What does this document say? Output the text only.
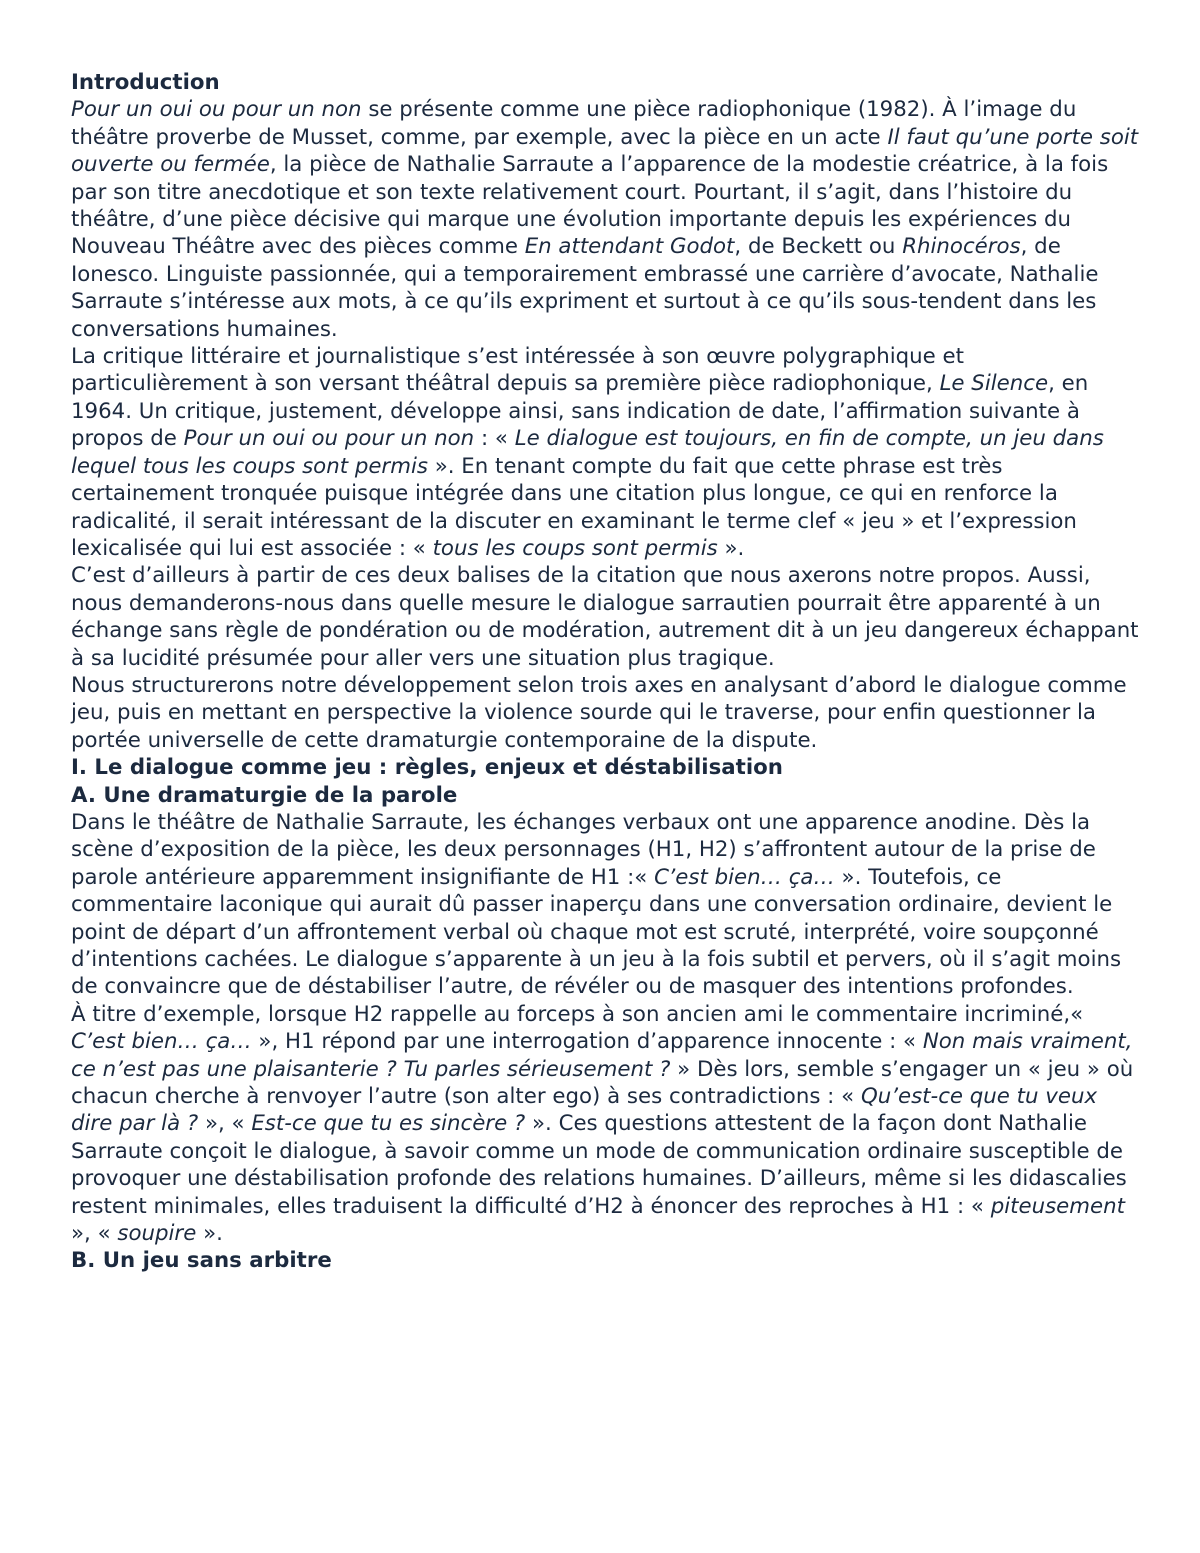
Introduction

Pour un oui ou pour un non se présente comme une pièce radiophonique (1982). À l’image du théâtre proverbe de Musset, comme, par exemple, avec la pièce en un acte Il faut qu’une porte soit ouverte ou fermée, la pièce de Nathalie Sarraute a l’apparence de la modestie créatrice, à la fois par son titre anecdotique et son texte relativement court. Pourtant, il s’agit, dans l’histoire du théâtre, d’une pièce décisive qui marque une évolution importante depuis les expériences du Nouveau Théâtre avec des pièces comme En attendant Godot, de Beckett ou Rhinocéros, de Ionesco. Linguiste passionnée, qui a temporairement embrassé une carrière d’avocate, Nathalie Sarraute s’intéresse aux mots, à ce qu’ils expriment et surtout à ce qu’ils sous-tendent dans les conversations humaines.

La critique littéraire et journalistique s’est intéressée à son œuvre polygraphique et particulièrement à son versant théâtral depuis sa première pièce radiophonique, Le Silence, en 1964. Un critique, justement, développe ainsi, sans indication de date, l’affirmation suivante à propos de Pour un oui ou pour un non : « Le dialogue est toujours, en fin de compte, un jeu dans lequel tous les coups sont permis ». En tenant compte du fait que cette phrase est très certainement tronquée puisque intégrée dans une citation plus longue, ce qui en renforce la radicalité, il serait intéressant de la discuter en examinant le terme clef « jeu » et l’expression lexicalisée qui lui est associée : « tous les coups sont permis ».

C’est d’ailleurs à partir de ces deux balises de la citation que nous axerons notre propos. Aussi, nous demanderons-nous dans quelle mesure le dialogue sarrautien pourrait être apparenté à un échange sans règle de pondération ou de modération, autrement dit à un jeu dangereux échappant à sa lucidité présumée pour aller vers une situation plus tragique.

Nous structurerons notre développement selon trois axes en analysant d’abord le dialogue comme jeu, puis en mettant en perspective la violence sourde qui le traverse, pour enfin questionner la portée universelle de cette dramaturgie contemporaine de la dispute.

I. Le dialogue comme jeu : règles, enjeux et déstabilisation

A. Une dramaturgie de la parole

Dans le théâtre de Nathalie Sarraute, les échanges verbaux ont une apparence anodine. Dès la scène d’exposition de la pièce, les deux personnages (H1, H2) s’affrontent autour de la prise de parole antérieure apparemment insignifiante de H1 :« C’est bien… ça… ». Toutefois, ce commentaire laconique qui aurait dû passer inaperçu dans une conversation ordinaire, devient le point de départ d’un affrontement verbal où chaque mot est scruté, interprété, voire soupçonné d’intentions cachées. Le dialogue s’apparente à un jeu à la fois subtil et pervers, où il s’agit moins de convaincre que de déstabiliser l’autre, de révéler ou de masquer des intentions profondes.

À titre d’exemple, lorsque H2 rappelle au forceps à son ancien ami le commentaire incriminé,« C’est bien… ça… », H1 répond par une interrogation d’apparence innocente : « Non mais vraiment, ce n’est pas une plaisanterie ? Tu parles sérieusement ? » Dès lors, semble s’engager un « jeu » où chacun cherche à renvoyer l’autre (son alter ego) à ses contradictions : « Qu’est-ce que tu veux dire par là ? », « Est-ce que tu es sincère ? ». Ces questions attestent de la façon dont Nathalie Sarraute conçoit le dialogue, à savoir comme un mode de communication ordinaire susceptible de provoquer une déstabilisation profonde des relations humaines. D’ailleurs, même si les didascalies restent minimales, elles traduisent la difficulté d’H2 à énoncer des reproches à H1 : « piteusement », « soupire ».

B. Un jeu sans arbitre
